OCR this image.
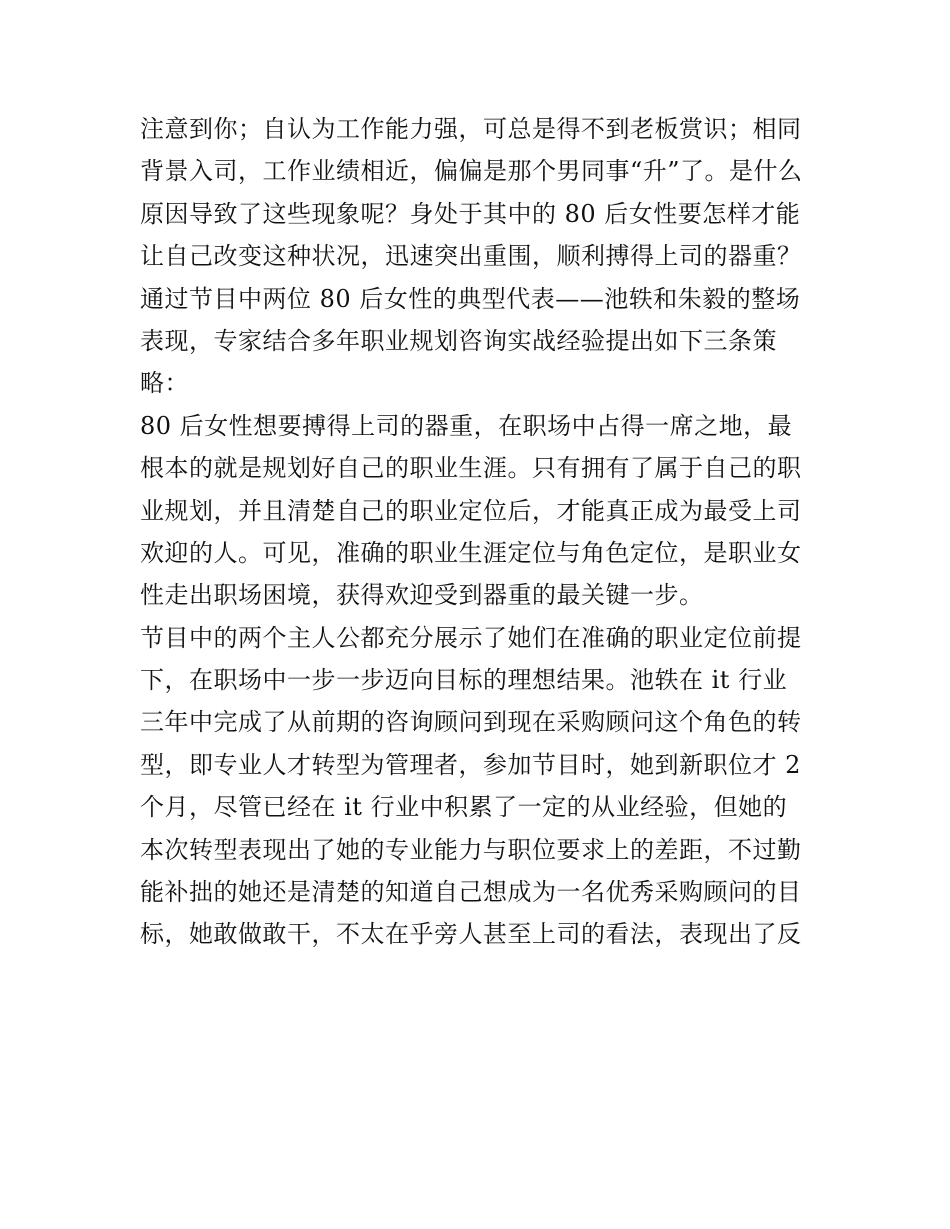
注意到你；自认为工作能力强，可总是得不到老板赏识；相同
背景入司，工作业绩相近，偏偏是那个男同事“升”了。是什么
原因导致了这些现象呢？身处于其中的 80 后女性要怎样才能
让自己改变这种状况，迅速突出重围，顺利搏得上司的器重？
通过节目中两位 80 后女性的典型代表——池轶和朱毅的整场
表现，专家结合多年职业规划咨询实战经验提出如下三条策
略：
80 后女性想要搏得上司的器重，在职场中占得一席之地，最
根本的就是规划好自己的职业生涯。只有拥有了属于自己的职
业规划，并且清楚自己的职业定位后，才能真正成为最受上司
欢迎的人。可见，准确的职业生涯定位与角色定位，是职业女
性走出职场困境，获得欢迎受到器重的最关键一步。
节目中的两个主人公都充分展示了她们在准确的职业定位前提
下，在职场中一步一步迈向目标的理想结果。池轶在 it 行业
三年中完成了从前期的咨询顾问到现在采购顾问这个角色的转
型，即专业人才转型为管理者，参加节目时，她到新职位才 2
个月，尽管已经在 it 行业中积累了一定的从业经验，但她的
本次转型表现出了她的专业能力与职位要求上的差距，不过勤
能补拙的她还是清楚的知道自己想成为一名优秀采购顾问的目
标，她敢做敢干，不太在乎旁人甚至上司的看法，表现出了反
